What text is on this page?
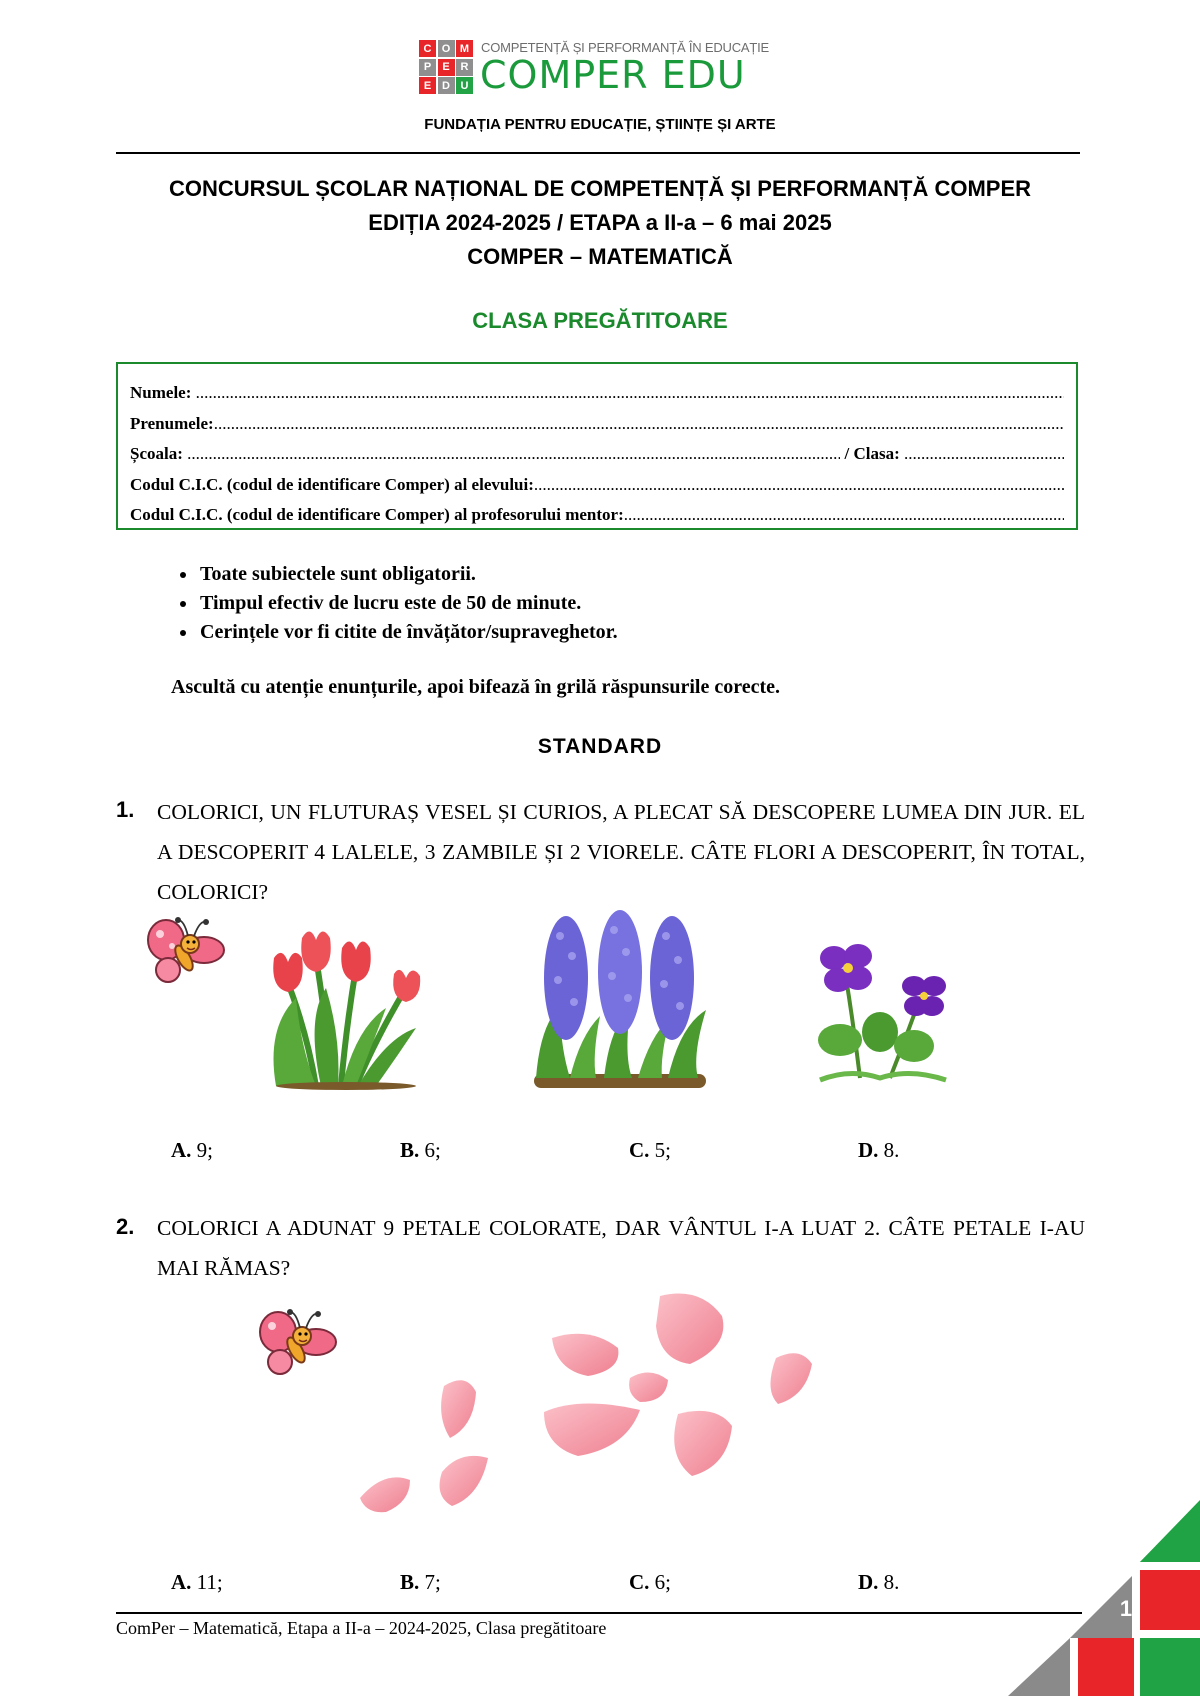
C O M
P	E R
E D U
COMPETENȚĂ ȘI PERFORMANȚĂ ÎN EDUCAȚIE
COMPER EDU
FUNDAȚIA PENTRU EDUCAȚIE, ȘTIINȚE ȘI ARTE
CONCURSUL ȘCOLAR NAȚIONAL DE COMPETENȚĂ ȘI PERFORMANȚĂ COMPER
EDIȚIA 2024-2025 / ETAPA a II-a – 6 mai 2025
COMPER – MATEMATICĂ
CLASA PREGĂTITOARE
Numele:

.....
Prenumele:
.....
Școala:

.....
	/ Clasa:

.....
Codul C.I.C. (codul de identificare Comper) al elevului:
.....
Codul C.I.C. (codul de identificare Comper) al profesorului mentor:
.....
• Toate subiectele sunt obligatorii.
• Timpul efectiv de lucru este de 50 de minute.
• Cerințele vor fi citite de învățător/supraveghetor.
Ascultă cu atenție enunțurile, apoi bifează în grilă răspunsurile corecte.
STANDARD
1. COLORICI, UN FLUTURAȘ VESEL ȘI CURIOS, A PLECAT SĂ DESCOPERE LUMEA DIN JUR. EL A DESCOPERIT 4 LALELE, 3 ZAMBILE ȘI 2 VIORELE. CÂTE FLORI A DESCOPERIT, ÎN TOTAL, COLORICI?
A. 9;	B. 6;	C. 5;	D. 8.
2. COLORICI A ADUNAT 9 PETALE COLORATE, DAR VÂNTUL I-A LUAT 2. CÂTE PETALE I-AU MAI RĂMAS?
A. 11;	B. 7;	C. 6;	D. 8.
ComPer – Matematică, Etapa a II-a – 2024-2025, Clasa pregătitoare
1
